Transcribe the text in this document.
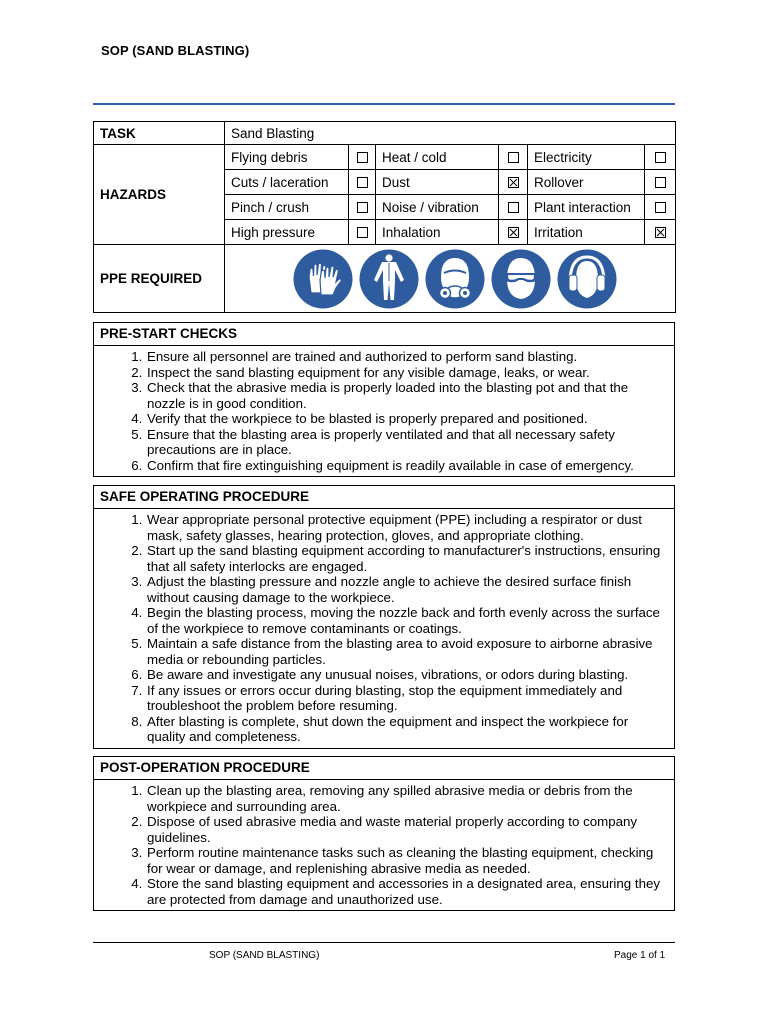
SOP (SAND BLASTING)
TASK	Sand Blasting					
HAZARDS	Flying debris		Heat / cold		Electricity	
	Cuts / laceration		Dust		Rollover	
	Pinch / crush		Noise / vibration		Plant interaction	
	High pressure		Inhalation		Irritation	

PPE REQUIRED	
PRE-START CHECKS
1. Ensure all personnel are trained and authorized to perform sand blasting.
2. Inspect the sand blasting equipment for any visible damage, leaks, or wear.
3. Check that the abrasive media is properly loaded into the blasting pot and that the nozzle is in good condition.
4. Verify that the workpiece to be blasted is properly prepared and positioned.
5. Ensure that the blasting area is properly ventilated and that all necessary safety precautions are in place.
6. Confirm that fire extinguishing equipment is readily available in case of emergency.
SAFE OPERATING PROCEDURE
1. Wear appropriate personal protective equipment (PPE) including a respirator or dust mask, safety glasses, hearing protection, gloves, and appropriate clothing.
2. Start up the sand blasting equipment according to manufacturer's instructions, ensuring that all safety interlocks are engaged.
3. Adjust the blasting pressure and nozzle angle to achieve the desired surface finish without causing damage to the workpiece.
4. Begin the blasting process, moving the nozzle back and forth evenly across the surface of the workpiece to remove contaminants or coatings.
5. Maintain a safe distance from the blasting area to avoid exposure to airborne abrasive media or rebounding particles.
6. Be aware and investigate any unusual noises, vibrations, or odors during blasting.
7. If any issues or errors occur during blasting, stop the equipment immediately and troubleshoot the problem before resuming.
8. After blasting is complete, shut down the equipment and inspect the workpiece for quality and completeness.
POST-OPERATION PROCEDURE
1. Clean up the blasting area, removing any spilled abrasive media or debris from the workpiece and surrounding area.
2. Dispose of used abrasive media and waste material properly according to company guidelines.
3. Perform routine maintenance tasks such as cleaning the blasting equipment, checking for wear or damage, and replenishing abrasive media as needed.
4. Store the sand blasting equipment and accessories in a designated area, ensuring they are protected from damage and unauthorized use.
SOP (SAND BLASTING)	Page 1 of 1
